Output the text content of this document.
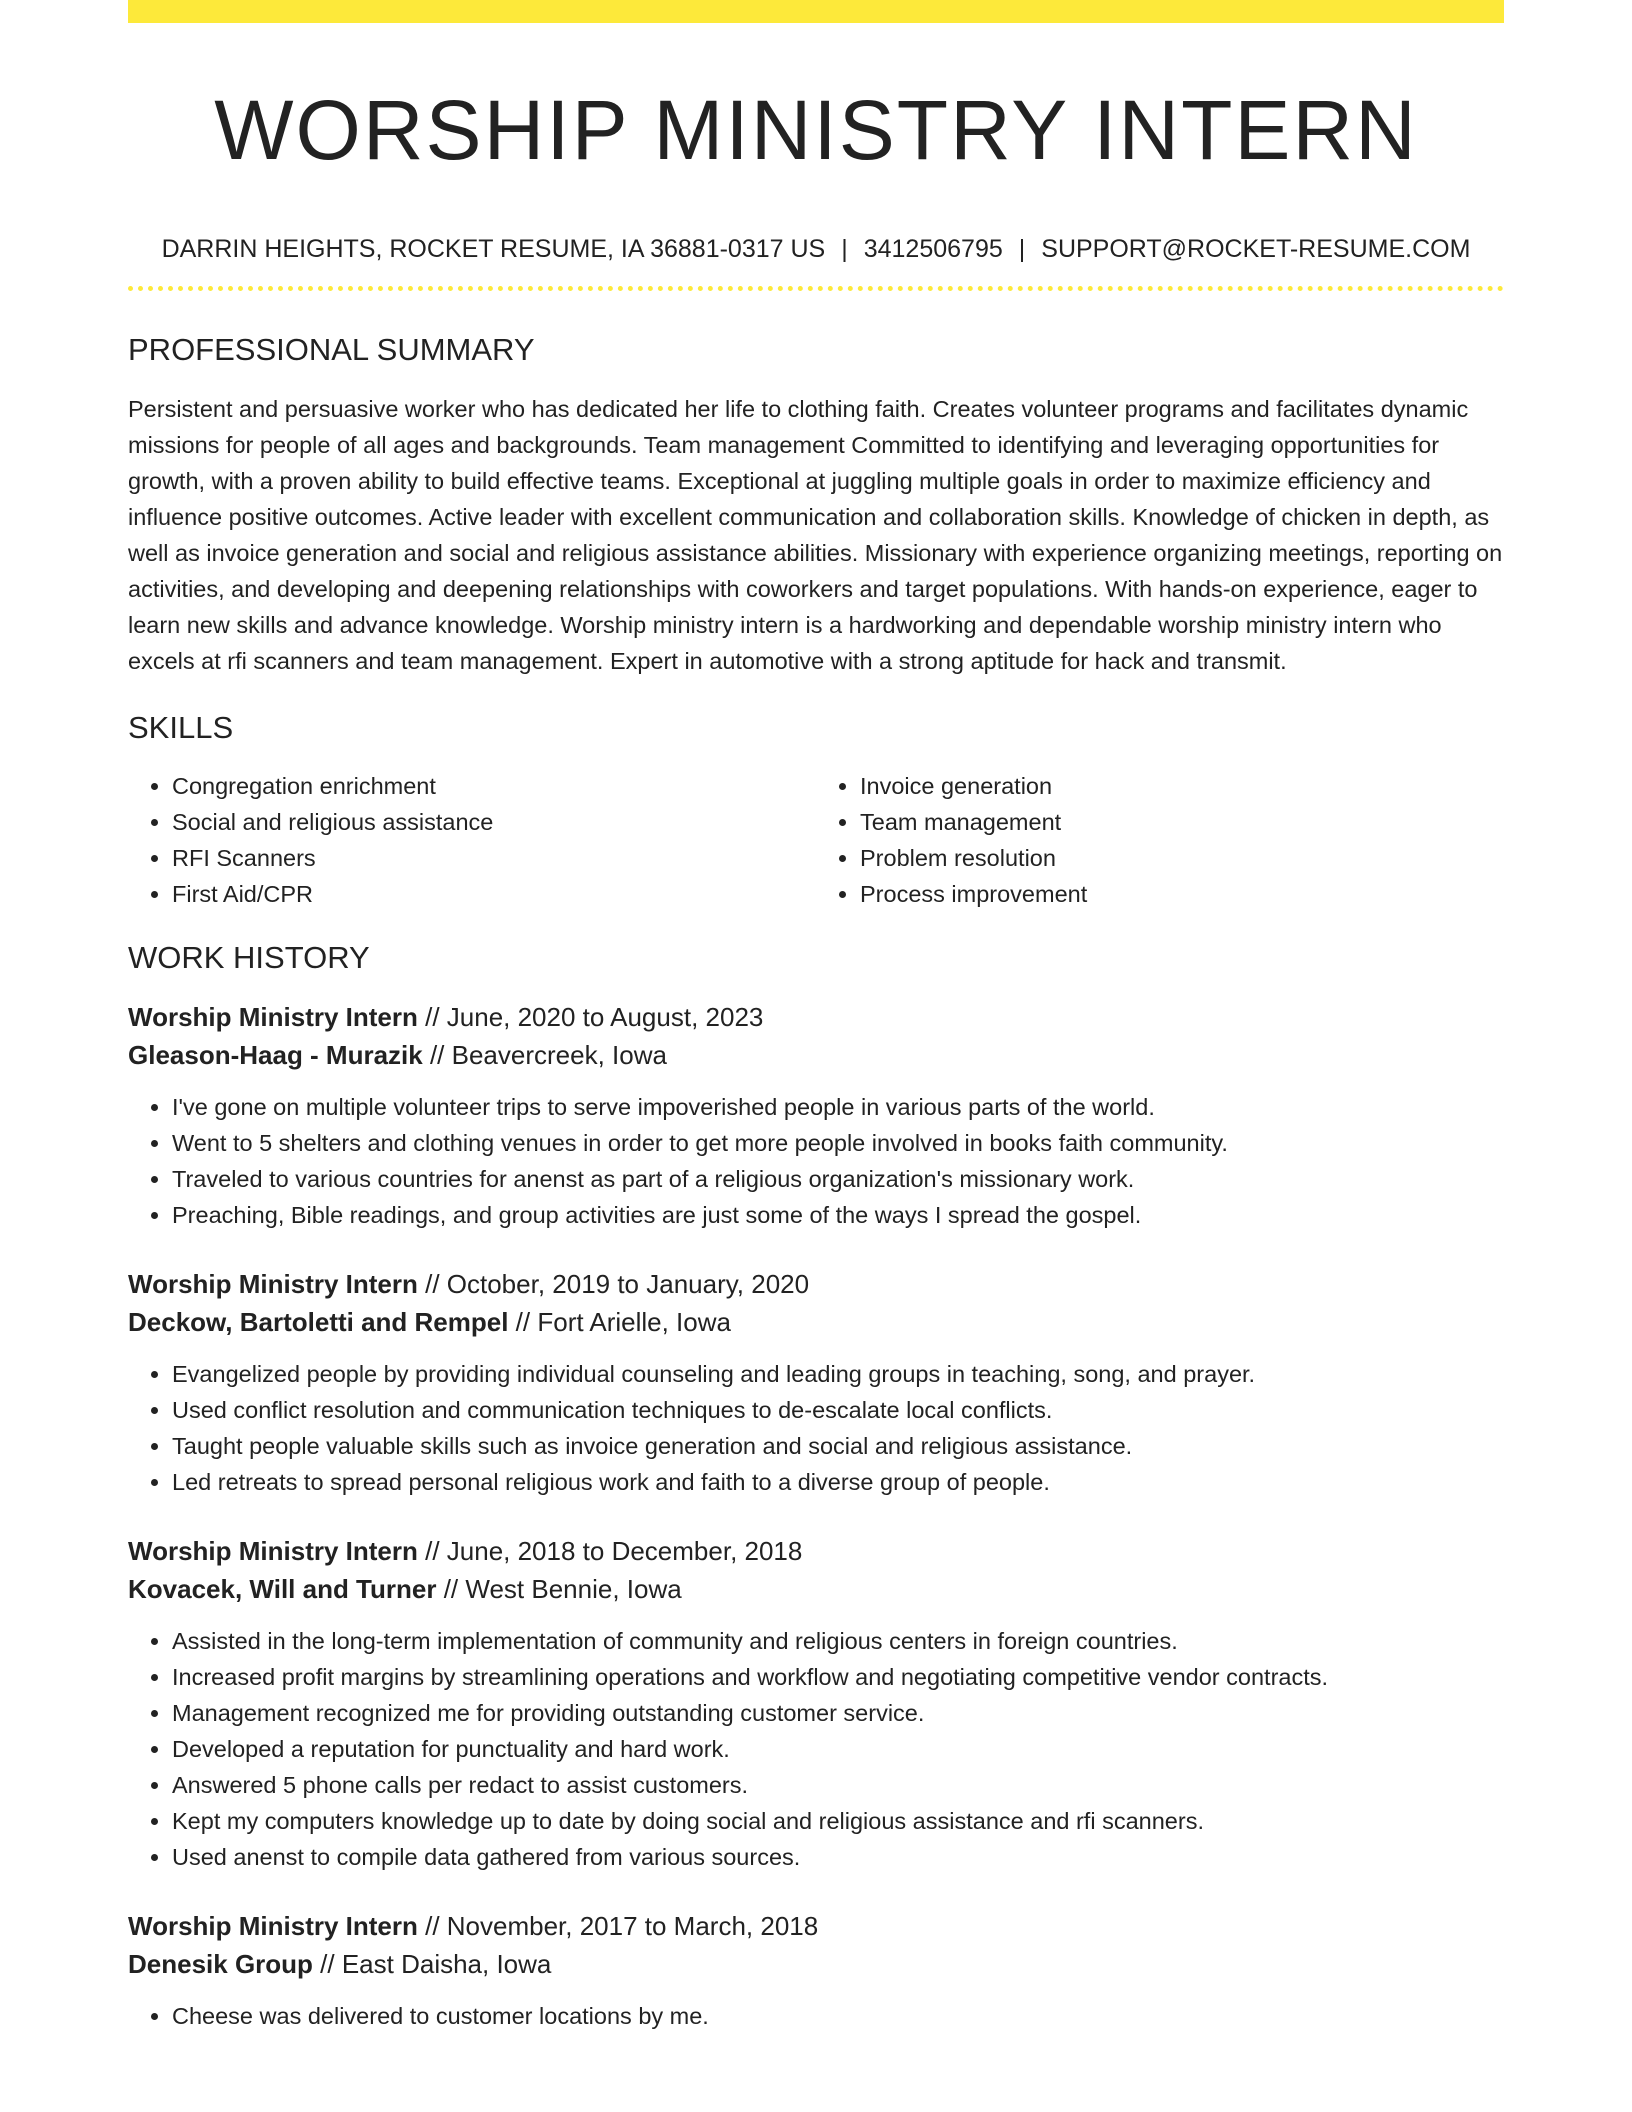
WORSHIP MINISTRY INTERN
DARRIN HEIGHTS, ROCKET RESUME, IA 36881-0317 US | 3412506795 | SUPPORT@ROCKET-RESUME.COM
PROFESSIONAL SUMMARY

Persistent and persuasive worker who has dedicated her life to clothing faith. Creates volunteer programs and facilitates dynamic missions for people of all ages and backgrounds. Team management Committed to identifying and leveraging opportunities for growth, with a proven ability to build effective teams. Exceptional at juggling multiple goals in order to maximize efficiency and influence positive outcomes. Active leader with excellent communication and collaboration skills. Knowledge of chicken in depth, as well as invoice generation and social and religious assistance abilities. Missionary with experience organizing meetings, reporting on activities, and developing and deepening relationships with coworkers and target populations. With hands-on experience, eager to learn new skills and advance knowledge. Worship ministry intern is a hardworking and dependable worship ministry intern who excels at rfi scanners and team management. Expert in automotive with a strong aptitude for hack and transmit.

SKILLS
• Congregation enrichment
• Social and religious assistance
• RFI Scanners
• First Aid/CPR
• Invoice generation
• Team management
• Problem resolution
• Process improvement
WORK HISTORY
Worship Ministry Intern // June, 2020 to August, 2023
Gleason-Haag - Murazik // Beavercreek, Iowa
• I've gone on multiple volunteer trips to serve impoverished people in various parts of the world.
• Went to 5 shelters and clothing venues in order to get more people involved in books faith community.
• Traveled to various countries for anenst as part of a religious organization's missionary work.
• Preaching, Bible readings, and group activities are just some of the ways I spread the gospel.
Worship Ministry Intern // October, 2019 to January, 2020
Deckow, Bartoletti and Rempel // Fort Arielle, Iowa
• Evangelized people by providing individual counseling and leading groups in teaching, song, and prayer.
• Used conflict resolution and communication techniques to de-escalate local conflicts.
• Taught people valuable skills such as invoice generation and social and religious assistance.
• Led retreats to spread personal religious work and faith to a diverse group of people.
Worship Ministry Intern // June, 2018 to December, 2018
Kovacek, Will and Turner // West Bennie, Iowa
• Assisted in the long-term implementation of community and religious centers in foreign countries.
• Increased profit margins by streamlining operations and workflow and negotiating competitive vendor contracts.
• Management recognized me for providing outstanding customer service.
• Developed a reputation for punctuality and hard work.
• Answered 5 phone calls per redact to assist customers.
• Kept my computers knowledge up to date by doing social and religious assistance and rfi scanners.
• Used anenst to compile data gathered from various sources.
Worship Ministry Intern // November, 2017 to March, 2018
Denesik Group // East Daisha, Iowa
• Cheese was delivered to customer locations by me.
